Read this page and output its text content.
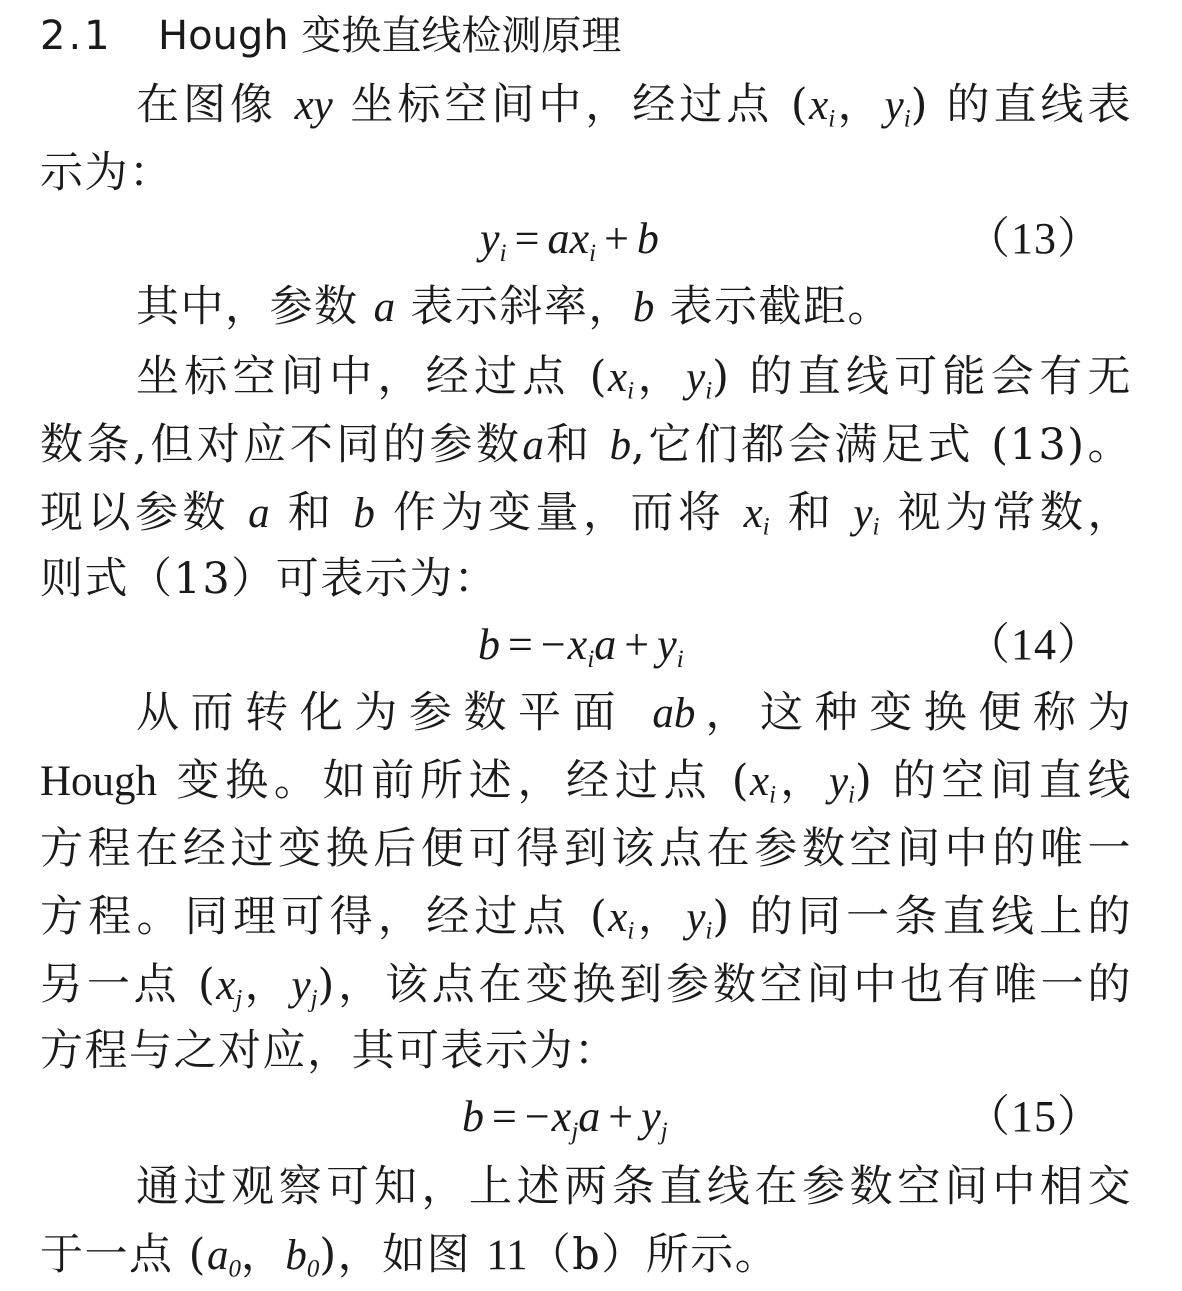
2.1 Hough 变换直线检测原理
在图像 xy 坐标空间中，经过点 ($x_i$，$y_i$) 的直线表
示为：
$y_i = ax_i + b$	（13）
其中，参数 a 表示斜率，b 表示截距。
坐标空间中，经过点 ($x_i$，$y_i$) 的直线可能会有无
数条,但对应不同的参数a和 b,它们都会满足式 (13)。
现以参数 a 和 b 作为变量，而将 $x_i$ 和 $y_i$ 视为常数，
则式（13）可表示为：
$b = -x_ia + y_i$	（14）
从而转化为参数平面 ab，这种变换便称为
Hough 变换。如前所述，经过点 ($x_i$，$y_i$) 的空间直线
方程在经过变换后便可得到该点在参数空间中的唯一
方程。同理可得，经过点 ($x_i$，$y_i$) 的同一条直线上的
另一点 ($x_j$，$y_j$)，该点在变换到参数空间中也有唯一的
方程与之对应，其可表示为：
$b = -x_ja + y_j$	（15）
通过观察可知，上述两条直线在参数空间中相交
于一点 ($a_0$，$b_0$)，如图 11（b）所示。
